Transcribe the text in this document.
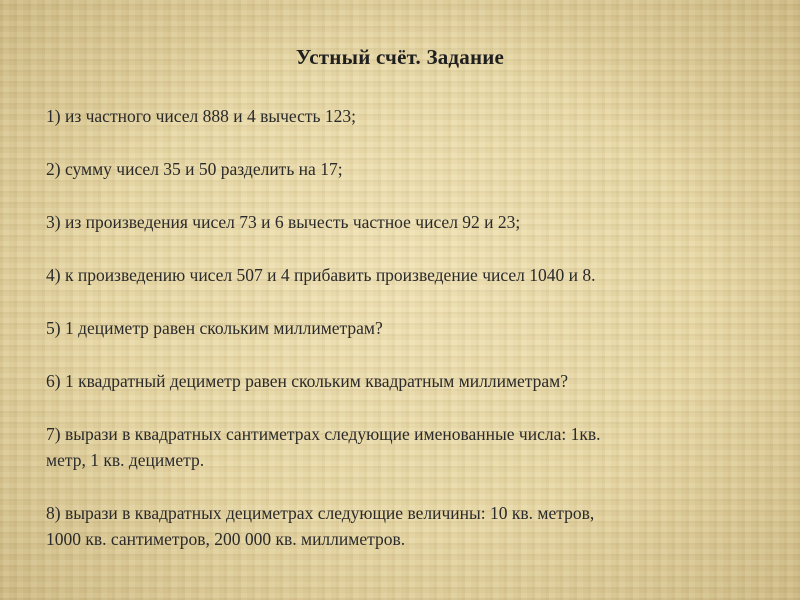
Устный счёт. Задание
1) из частного чисел 888 и 4 вычесть 123;
2) сумму чисел 35 и 50 разделить на 17;
3) из произведения чисел 73 и 6 вычесть частное чисел 92 и 23;
4) к произведению чисел 507 и 4 прибавить произведение чисел 1040 и 8.
5) 1 дециметр равен скольким миллиметрам?
6) 1 квадратный дециметр равен скольким квадратным миллиметрам?
7) вырази в квадратных сантиметрах следующие именованные числа: 1кв.
метр, 1 кв. дециметр.
8) вырази в квадратных дециметрах следующие величины: 10 кв. метров,
1000 кв. сантиметров, 200 000 кв. миллиметров.
